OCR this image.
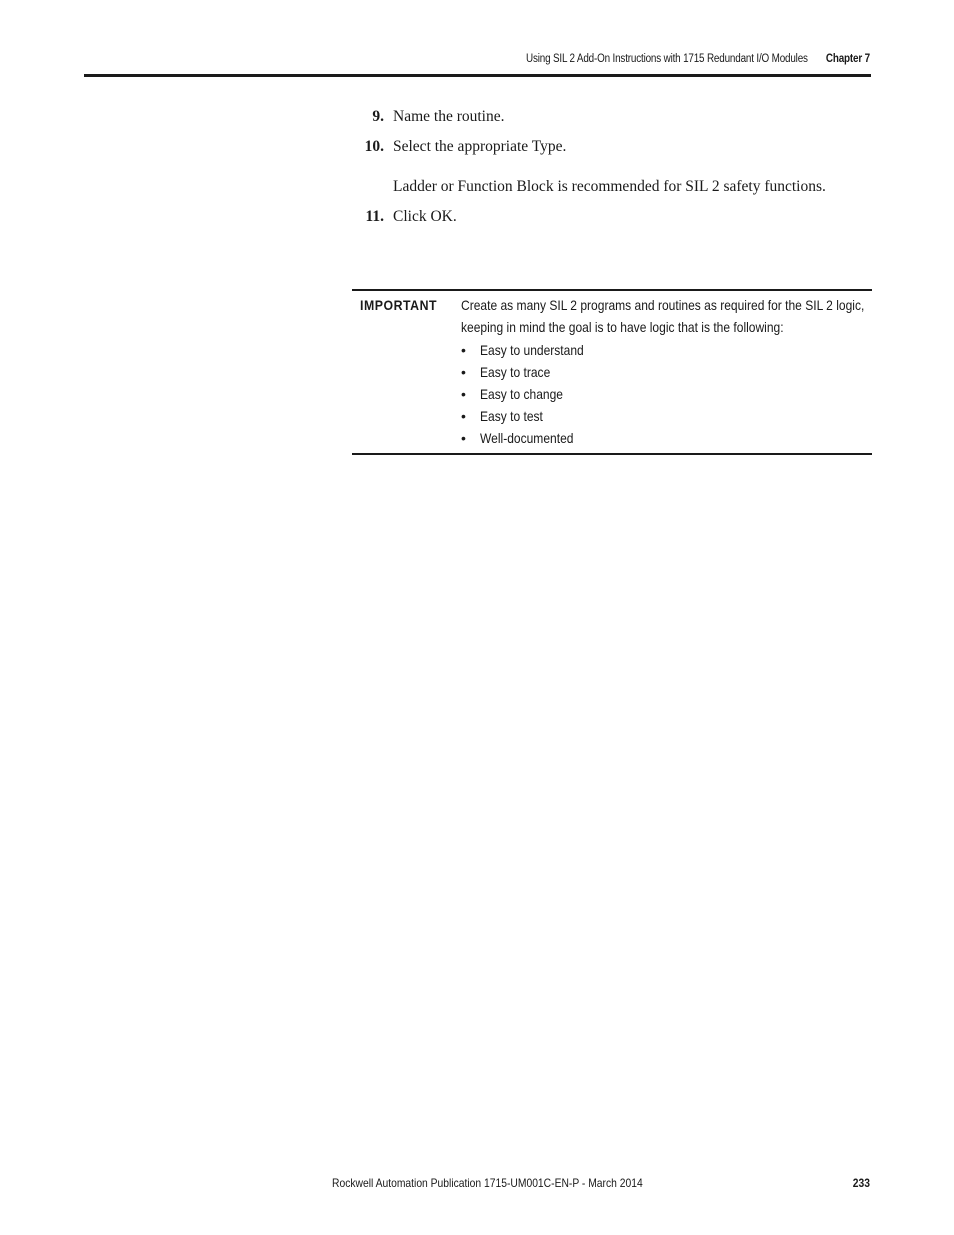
Using SIL 2 Add-On Instructions with 1715 Redundant I/O Modules Chapter 7
9. Name the routine.
10. Select the appropriate Type.
Ladder or Function Block is recommended for SIL 2 safety functions.
11. Click OK.
IMPORTANT Create as many SIL 2 programs and routines as required for the SIL 2 logic,
keeping in mind the goal is to have logic that is the following:
• Easy to understand
• Easy to trace
• Easy to change
• Easy to test
• Well-documented
Rockwell Automation Publication 1715-UM001C-EN-P - March 2014	233
